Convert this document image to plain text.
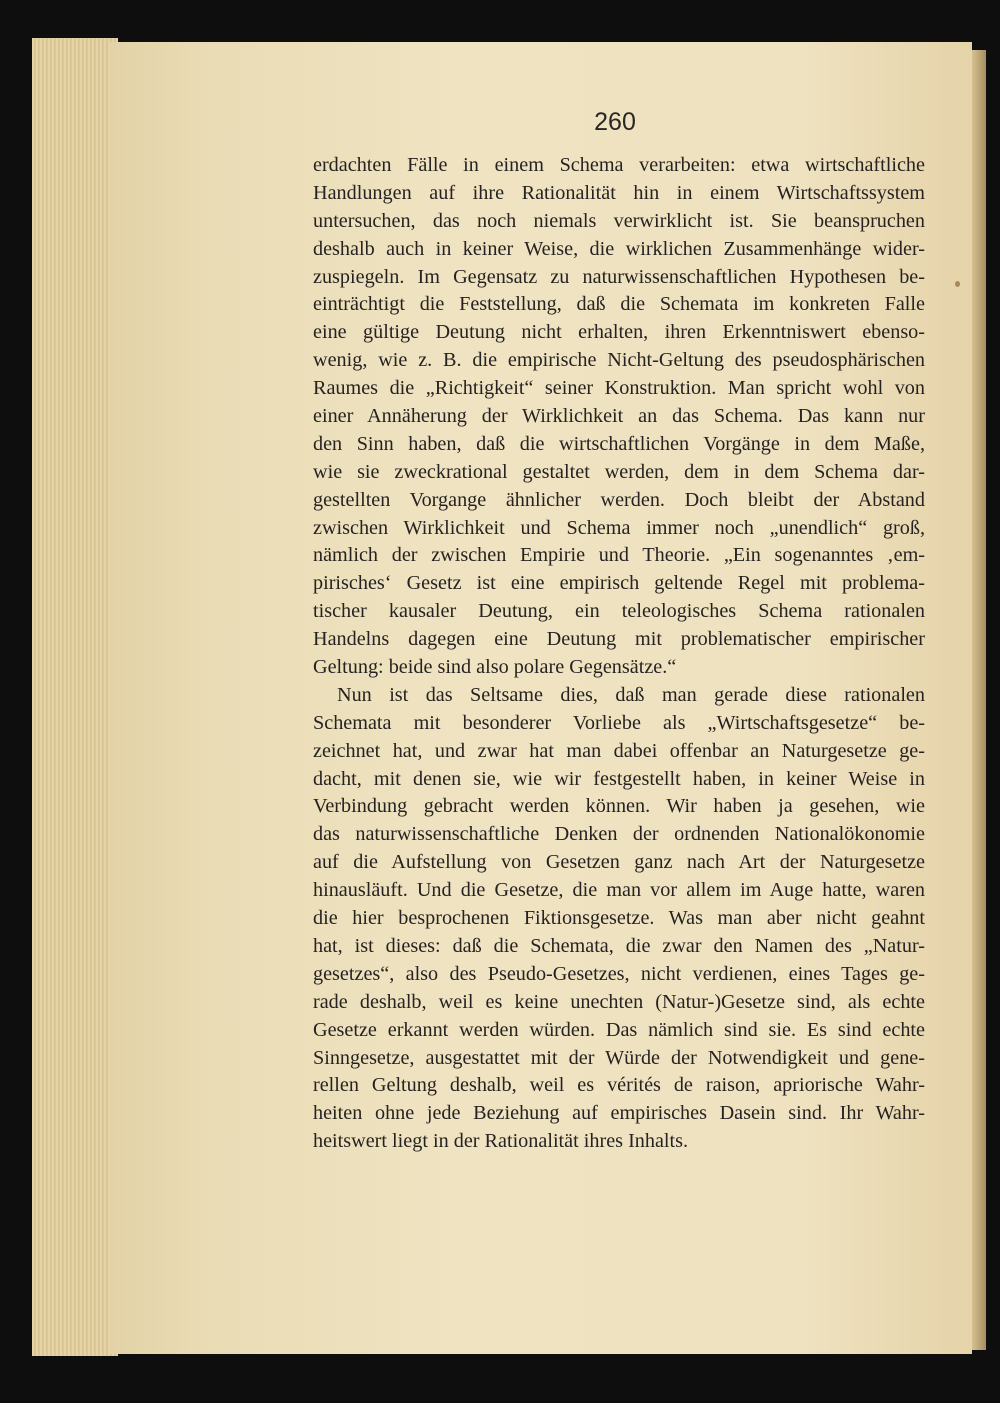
260
erdachten Fälle in einem Schema verarbeiten: etwa wirtschaftliche
Handlungen auf ihre Rationalität hin in einem Wirtschaftssystem
untersuchen, das noch niemals verwirklicht ist. Sie beanspruchen
deshalb auch in keiner Weise, die wirklichen Zusammenhänge wider-
zuspiegeln. Im Gegensatz zu naturwissenschaftlichen Hypothesen be-
einträchtigt die Feststellung, daß die Schemata im konkreten Falle
eine gültige Deutung nicht erhalten, ihren Erkenntniswert ebenso-
wenig, wie z. B. die empirische Nicht-Geltung des pseudosphärischen
Raumes die „Richtigkeit“ seiner Konstruktion. Man spricht wohl von
einer Annäherung der Wirklichkeit an das Schema. Das kann nur
den Sinn haben, daß die wirtschaftlichen Vorgänge in dem Maße,
wie sie zweckrational gestaltet werden, dem in dem Schema dar-
gestellten Vorgange ähnlicher werden. Doch bleibt der Abstand
zwischen Wirklichkeit und Schema immer noch „unendlich“ groß,
nämlich der zwischen Empirie und Theorie. „Ein sogenanntes ‚em-
pirisches‘ Gesetz ist eine empirisch geltende Regel mit problema-
tischer kausaler Deutung, ein teleologisches Schema rationalen
Handelns dagegen eine Deutung mit problematischer empirischer
Geltung: beide sind also polare Gegensätze.“
Nun ist das Seltsame dies, daß man gerade diese rationalen
Schemata mit besonderer Vorliebe als „Wirtschaftsgesetze“ be-
zeichnet hat, und zwar hat man dabei offenbar an Naturgesetze ge-
dacht, mit denen sie, wie wir festgestellt haben, in keiner Weise in
Verbindung gebracht werden können. Wir haben ja gesehen, wie
das naturwissenschaftliche Denken der ordnenden Nationalökonomie
auf die Aufstellung von Gesetzen ganz nach Art der Naturgesetze
hinausläuft. Und die Gesetze, die man vor allem im Auge hatte, waren
die hier besprochenen Fiktionsgesetze. Was man aber nicht geahnt
hat, ist dieses: daß die Schemata, die zwar den Namen des „Natur-
gesetzes“, also des Pseudo-Gesetzes, nicht verdienen, eines Tages ge-
rade deshalb, weil es keine unechten (Natur-)Gesetze sind, als echte
Gesetze erkannt werden würden. Das nämlich sind sie. Es sind echte
Sinngesetze, ausgestattet mit der Würde der Notwendigkeit und gene-
rellen Geltung deshalb, weil es vérités de raison, apriorische Wahr-
heiten ohne jede Beziehung auf empirisches Dasein sind. Ihr Wahr-
heitswert liegt in der Rationalität ihres Inhalts.
